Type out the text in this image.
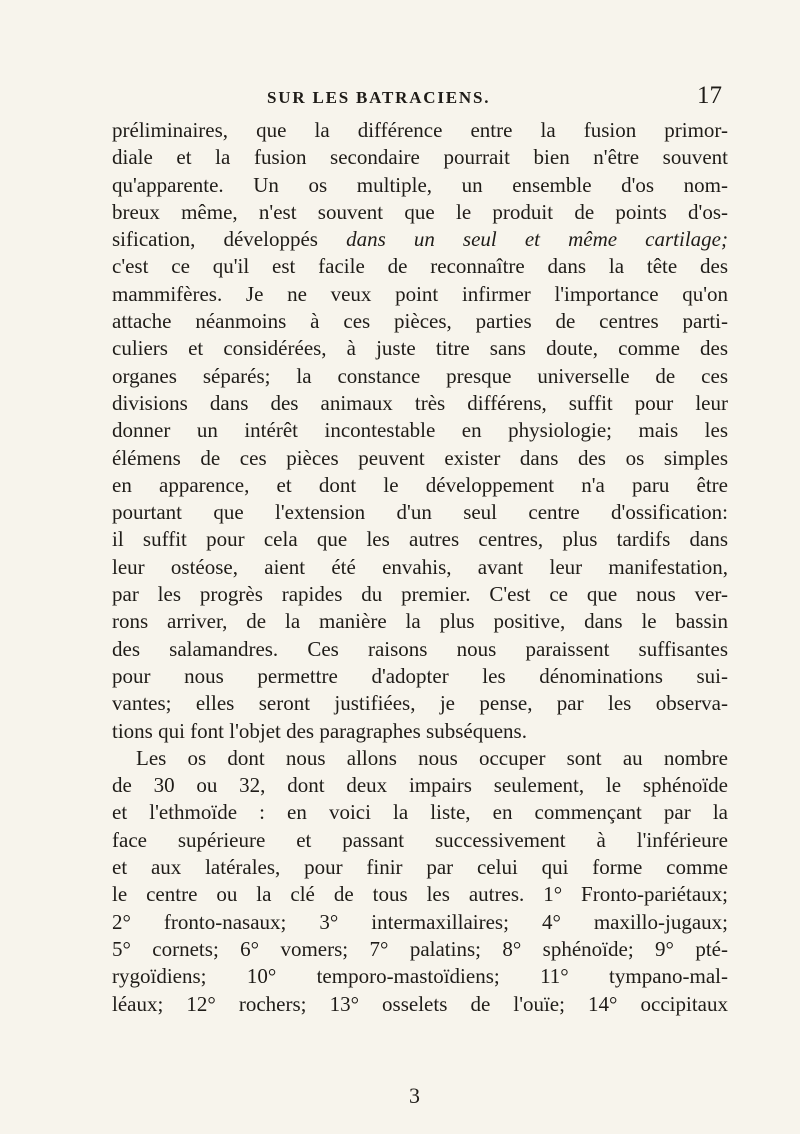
SUR LES BATRACIENS.	17
préliminaires, que la différence entre la fusion primor-
diale et la fusion secondaire pourrait bien n'être souvent
qu'apparente. Un os multiple, un ensemble d'os nom-
breux même, n'est souvent que le produit de points d'os-
sification, développés dans un seul et même cartilage;
c'est ce qu'il est facile de reconnaître dans la tête des
mammifères. Je ne veux point infirmer l'importance qu'on
attache néanmoins à ces pièces, parties de centres parti-
culiers et considérées, à juste titre sans doute, comme des
organes séparés; la constance presque universelle de ces
divisions dans des animaux très différens, suffit pour leur
donner un intérêt incontestable en physiologie; mais les
élémens de ces pièces peuvent exister dans des os simples
en apparence, et dont le développement n'a paru être
pourtant que l'extension d'un seul centre d'ossification:
il suffit pour cela que les autres centres, plus tardifs dans
leur ostéose, aient été envahis, avant leur manifestation,
par les progrès rapides du premier. C'est ce que nous ver-
rons arriver, de la manière la plus positive, dans le bassin
des salamandres. Ces raisons nous paraissent suffisantes
pour nous permettre d'adopter les dénominations sui-
vantes; elles seront justifiées, je pense, par les observa-
tions qui font l'objet des paragraphes subséquens.
Les os dont nous allons nous occuper sont au nombre
de 30 ou 32, dont deux impairs seulement, le sphénoïde
et l'ethmoïde : en voici la liste, en commençant par la
face supérieure et passant successivement à l'inférieure
et aux latérales, pour finir par celui qui forme comme
le centre ou la clé de tous les autres. 1° Fronto-pariétaux;
2° fronto-nasaux; 3° intermaxillaires; 4° maxillo-jugaux;
5° cornets; 6° vomers; 7° palatins; 8° sphénoïde; 9° pté-
rygoïdiens; 10° temporo-mastoïdiens; 11° tympano-mal-
léaux; 12° rochers; 13° osselets de l'ouïe; 14° occipitaux
3
